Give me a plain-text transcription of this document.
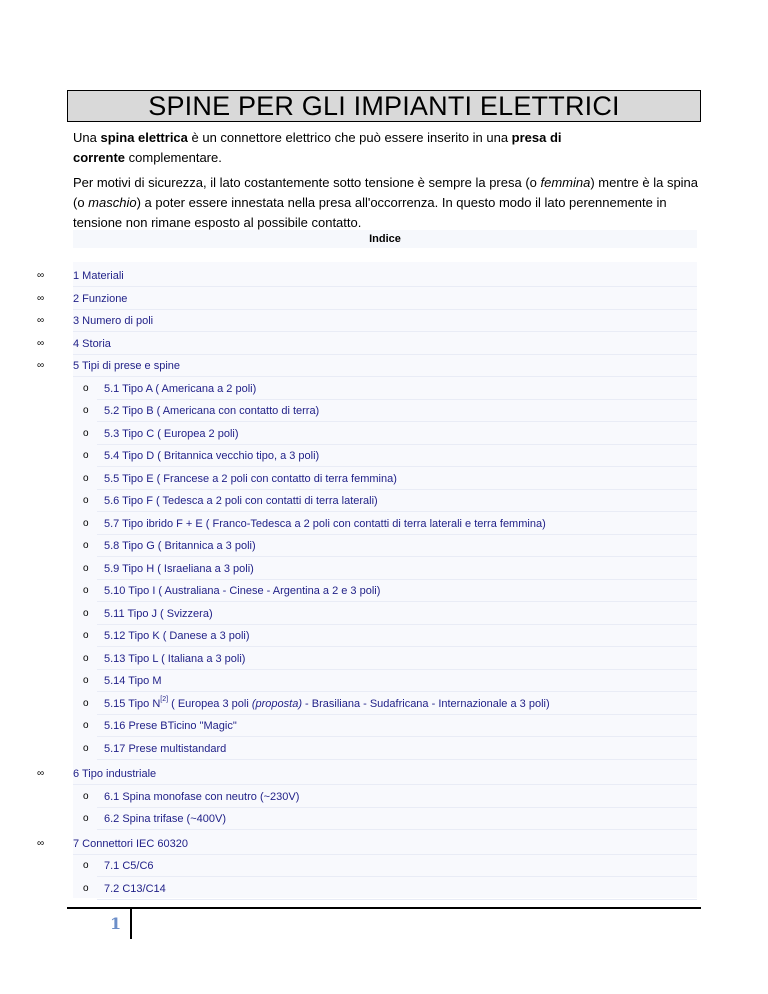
SPINE PER GLI IMPIANTI ELETTRICI
Una spina elettrica è un connettore elettrico che può essere inserito in una presa di corrente complementare.
Per motivi di sicurezza, il lato costantemente sotto tensione è sempre la presa (o femmina) mentre è la spina (o maschio) a poter essere innestata nella presa all'occorrenza. In questo modo il lato perennemente in tensione non rimane esposto al possibile contatto.
Indice
∞	1 Materiali
∞	2 Funzione
∞	3 Numero di poli
∞	4 Storia
∞	5 Tipi di prese e spine
o 5.1 Tipo A ( Americana a 2 poli)
o 5.2 Tipo B ( Americana con contatto di terra)
o 5.3 Tipo C ( Europea 2 poli)
o 5.4 Tipo D ( Britannica vecchio tipo, a 3 poli)
o 5.5 Tipo E ( Francese a 2 poli con contatto di terra femmina)
o 5.6 Tipo F ( Tedesca a 2 poli con contatti di terra laterali)
o 5.7 Tipo ibrido F + E ( Franco-Tedesca a 2 poli con contatti di terra laterali e terra femmina)
o 5.8 Tipo G ( Britannica a 3 poli)
o 5.9 Tipo H ( Israeliana a 3 poli)
o 5.10 Tipo I ( Australiana - Cinese - Argentina a 2 e 3 poli)
o 5.11 Tipo J ( Svizzera)
o 5.12 Tipo K ( Danese a 3 poli)
o 5.13 Tipo L ( Italiana a 3 poli)
o 5.14 Tipo M
o 5.15 Tipo N[2] ( Europea 3 poli (proposta) - Brasiliana - Sudafricana - Internazionale a 3 poli)
o 5.16 Prese BTicino "Magic"
o 5.17 Prese multistandard
∞	6 Tipo industriale
o 6.1 Spina monofase con neutro (~230V)
o 6.2 Spina trifase (~400V)
∞	7 Connettori IEC 60320
o 7.1 C5/C6
o 7.2 C13/C14
1
